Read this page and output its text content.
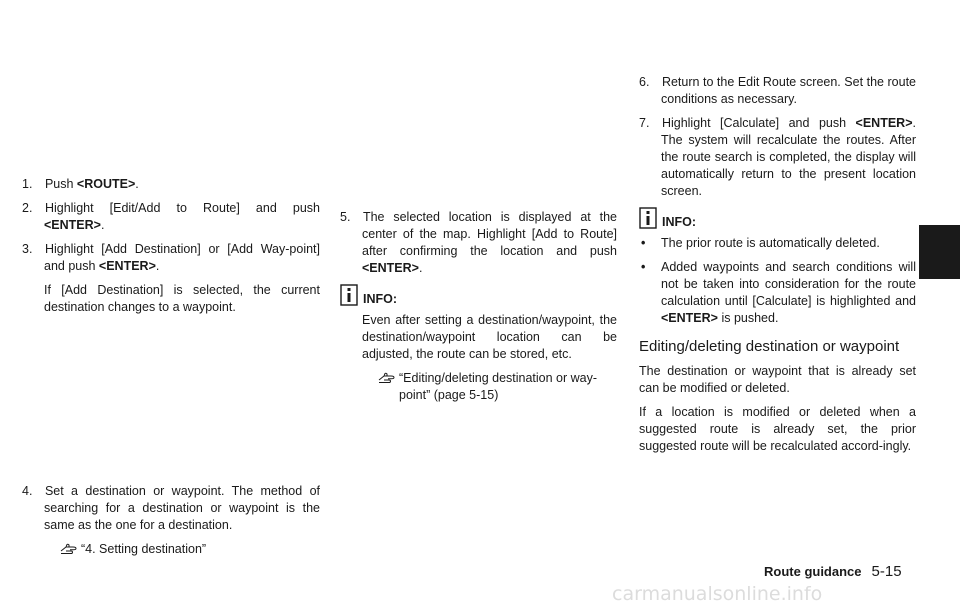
1.  Push <ROUTE>.
2.  Highlight [Edit/Add to Route] and push <ENTER>.
3.  Highlight [Add Destination] or [Add Way-point] and push <ENTER>.

If [Add Destination] is selected, the current destination changes to a waypoint.

4.  Set a destination or waypoint. The method of searching for a destination or waypoint is the same as the one for a destination.
“4. Setting destination”
5.  The selected location is displayed at the center of the map. Highlight [Add to Route] after confirming the location and push <ENTER>.
INFO:

Even after setting a destination/waypoint, the destination/waypoint location can be adjusted, the route can be stored, etc.

“Editing/deleting destination or way-point” (page 5-15)
6.  Return to the Edit Route screen. Set the route conditions as necessary.
7.  Highlight [Calculate] and push <ENTER>. The system will recalculate the routes. After the route search is completed, the display will automatically return to the present location screen.
INFO:
•	The prior route is automatically deleted.
•	Added waypoints and search conditions will not be taken into consideration for the route calculation until [Calculate] is highlighted and <ENTER> is pushed.
Editing/deleting destination or waypoint

The destination or waypoint that is already set can be modified or deleted.

If a location is modified or deleted when a suggested route is already set, the prior suggested route will be recalculated accord-ingly.

Route guidance 5-15
carmanualsonline.info
